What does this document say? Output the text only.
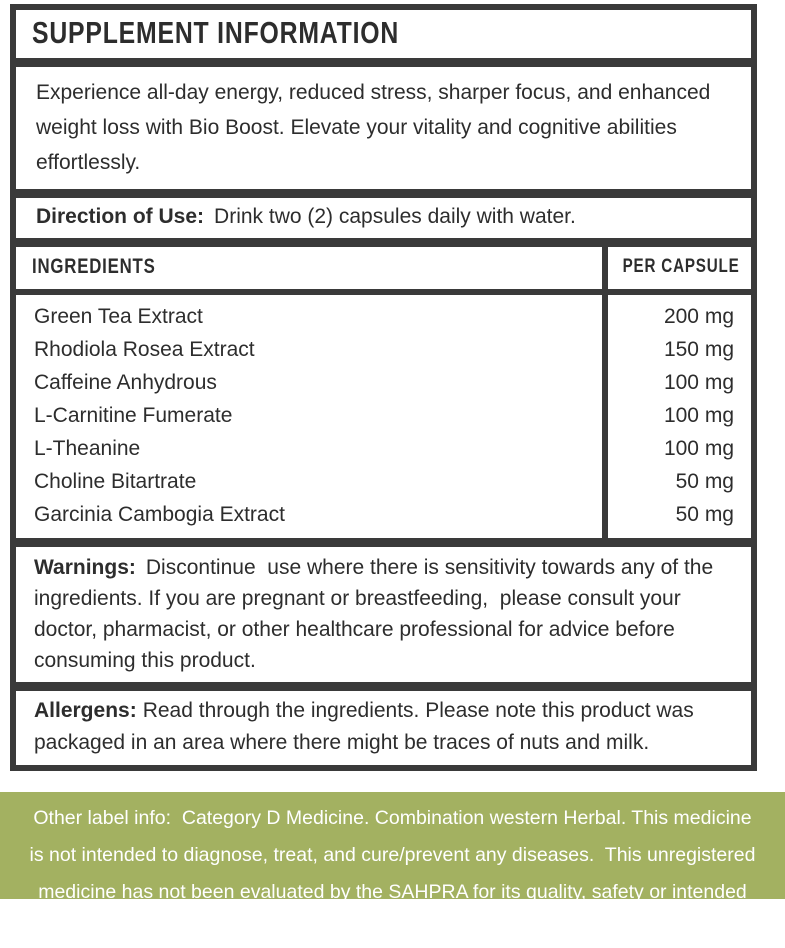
SUPPLEMENT INFORMATION

Experience all-day energy, reduced stress, sharper focus, and enhanced weight loss with Bio Boost. Elevate your vitality and cognitive abilities effortlessly.

Direction of Use: Drink two (2) capsules daily with water.

INGREDIENTS	PER CAPSULE
Green Tea Extract	200 mg
Rhodiola Rosea Extract	150 mg
Caffeine Anhydrous	100 mg
L-Carnitine Fumerate	100 mg
L-Theanine	100 mg
Choline Bitartrate	50 mg
Garcinia Cambogia Extract	50 mg

Warnings: Discontinue  use where there is sensitivity towards any of the ingredients. If you are pregnant or breastfeeding,  please consult your doctor, pharmacist, or other healthcare professional for advice before consuming this product.

Allergens: Read through the ingredients. Please note this product was packaged in an area where there might be traces of nuts and milk.

Other label info:  Category D Medicine. Combination western Herbal. This medicine is not intended to diagnose, treat, and cure/prevent any diseases.  This unregistered medicine has not been evaluated by the SAHPRA for its quality, safety or intended use.
